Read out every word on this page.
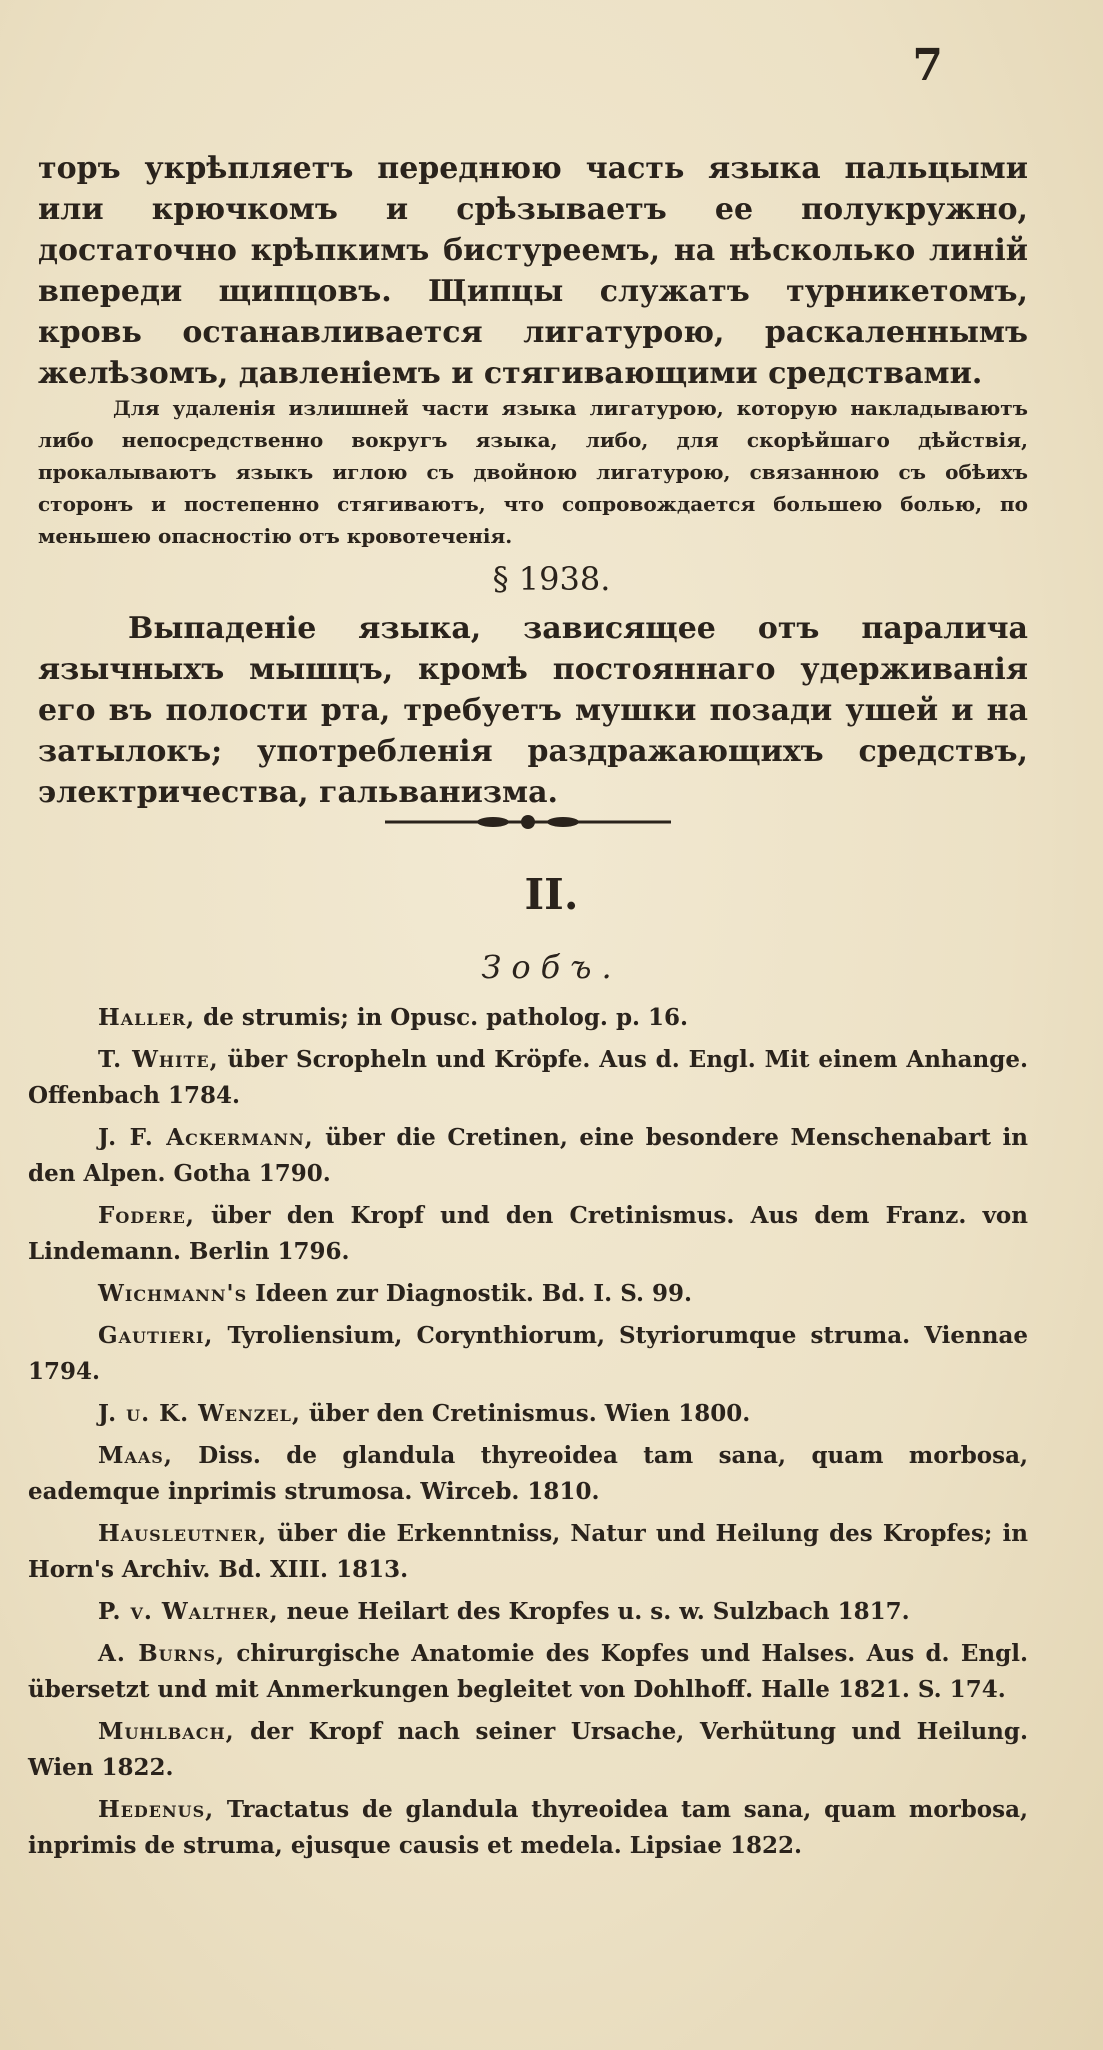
7

торъ укрѣпляетъ переднюю часть языка пальцыми или крючкомъ и срѣзываетъ ее полукружно, достаточно крѣпкимъ бистуреемъ, на нѣсколько линій впереди щипцовъ. Щипцы служатъ турникетомъ, кровь останавливается лигатурою, раскаленнымъ желѣзомъ, давленіемъ и стягивающими средствами.

Для удаленія излишней части языка лигатурою, которую накладываютъ либо непосредственно вокругъ языка, либо, для скорѣйшаго дѣйствія, прокалываютъ языкъ иглою съ двойною лигатурою, связанною съ обѣихъ сторонъ и постепенно стягиваютъ, что сопровождается большею болью, по меньшею опасностію отъ кровотеченія.

§ 1938.

Выпаденіе языка, зависящее отъ паралича язычныхъ мышцъ, кромѣ постояннаго удерживанія его въ полости рта, требуетъ мушки позади ушей и на затылокъ; употребленія раздражающихъ средствъ, электричества, гальванизма.

II.
Зобъ.
Haller, de strumis; in Opusc. patholog. p. 16.
T. White, über Scropheln und Kröpfe. Aus d. Engl. Mit einem Anhange. Offenbach 1784.
J. F. Ackermann, über die Cretinen, eine besondere Menschenabart in den Alpen. Gotha 1790.
Fodere, über den Kropf und den Cretinismus. Aus dem Franz. von Lindemann. Berlin 1796.
Wichmann's Ideen zur Diagnostik. Bd. I. S. 99.
Gautieri, Tyroliensium, Corynthiorum, Styriorumque struma. Viennae 1794.
J. u. K. Wenzel, über den Cretinismus. Wien 1800.
Maas, Diss. de glandula thyreoidea tam sana, quam morbosa, eademque inprimis strumosa. Wirceb. 1810.
Hausleutner, über die Erkenntniss, Natur und Heilung des Kropfes; in Horn's Archiv. Bd. XIII. 1813.
P. v. Walther, neue Heilart des Kropfes u. s. w. Sulzbach 1817.
A. Burns, chirurgische Anatomie des Kopfes und Halses. Aus d. Engl. übersetzt und mit Anmerkungen begleitet von Dohlhoff. Halle 1821. S. 174.
Muhlbach, der Kropf nach seiner Ursache, Verhütung und Heilung. Wien 1822.
Hedenus, Tractatus de glandula thyreoidea tam sana, quam morbosa, inprimis de struma, ejusque causis et medela. Lipsiae 1822.
